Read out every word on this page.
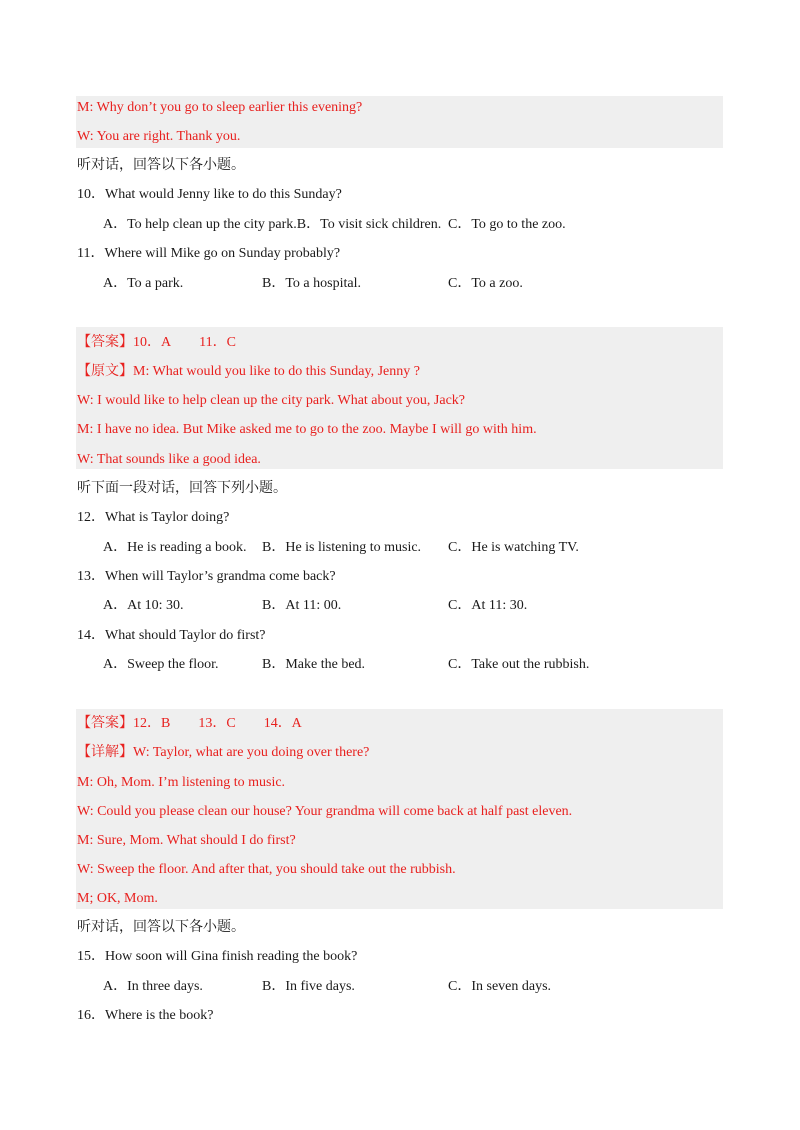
M: Why don’t you go to sleep earlier this evening?
W: You are right. Thank you.
听对话，回答以下各小题。
10．What would Jenny like to do this Sunday?
A．To help clean up the city park.B．To visit sick children. C．To go to the zoo.
11．Where will Mike go on Sunday probably?
A．To a park.	B．To a hospital.	C．To a zoo.
【答案】10．A 11．C
【原文】M: What would you like to do this Sunday, Jenny ?
W: I would like to help clean up the city park. What about you, Jack?
M: I have no idea. But Mike asked me to go to the zoo. Maybe I will go with him.
W: That sounds like a good idea.
听下面一段对话，回答下列小题。
12．What is Taylor doing?
A．He is reading a book. B．He is listening to music. C．He is watching TV.
13．When will Taylor’s grandma come back?
A．At 10: 30.	B．At 11: 00.	C．At 11: 30.
14．What should Taylor do first?
A．Sweep the floor.	B．Make the bed.	C．Take out the rubbish.
【答案】12．B 13．C 14．A
【详解】W: Taylor, what are you doing over there?
M: Oh, Mom. I’m listening to music.
W: Could you please clean our house? Your grandma will come back at half past eleven.
M: Sure, Mom. What should I do first?
W: Sweep the floor. And after that, you should take out the rubbish.
M; OK, Mom.
听对话，回答以下各小题。
15．How soon will Gina finish reading the book?
A．In three days.	B．In five days.	C．In seven days.
16．Where is the book?
